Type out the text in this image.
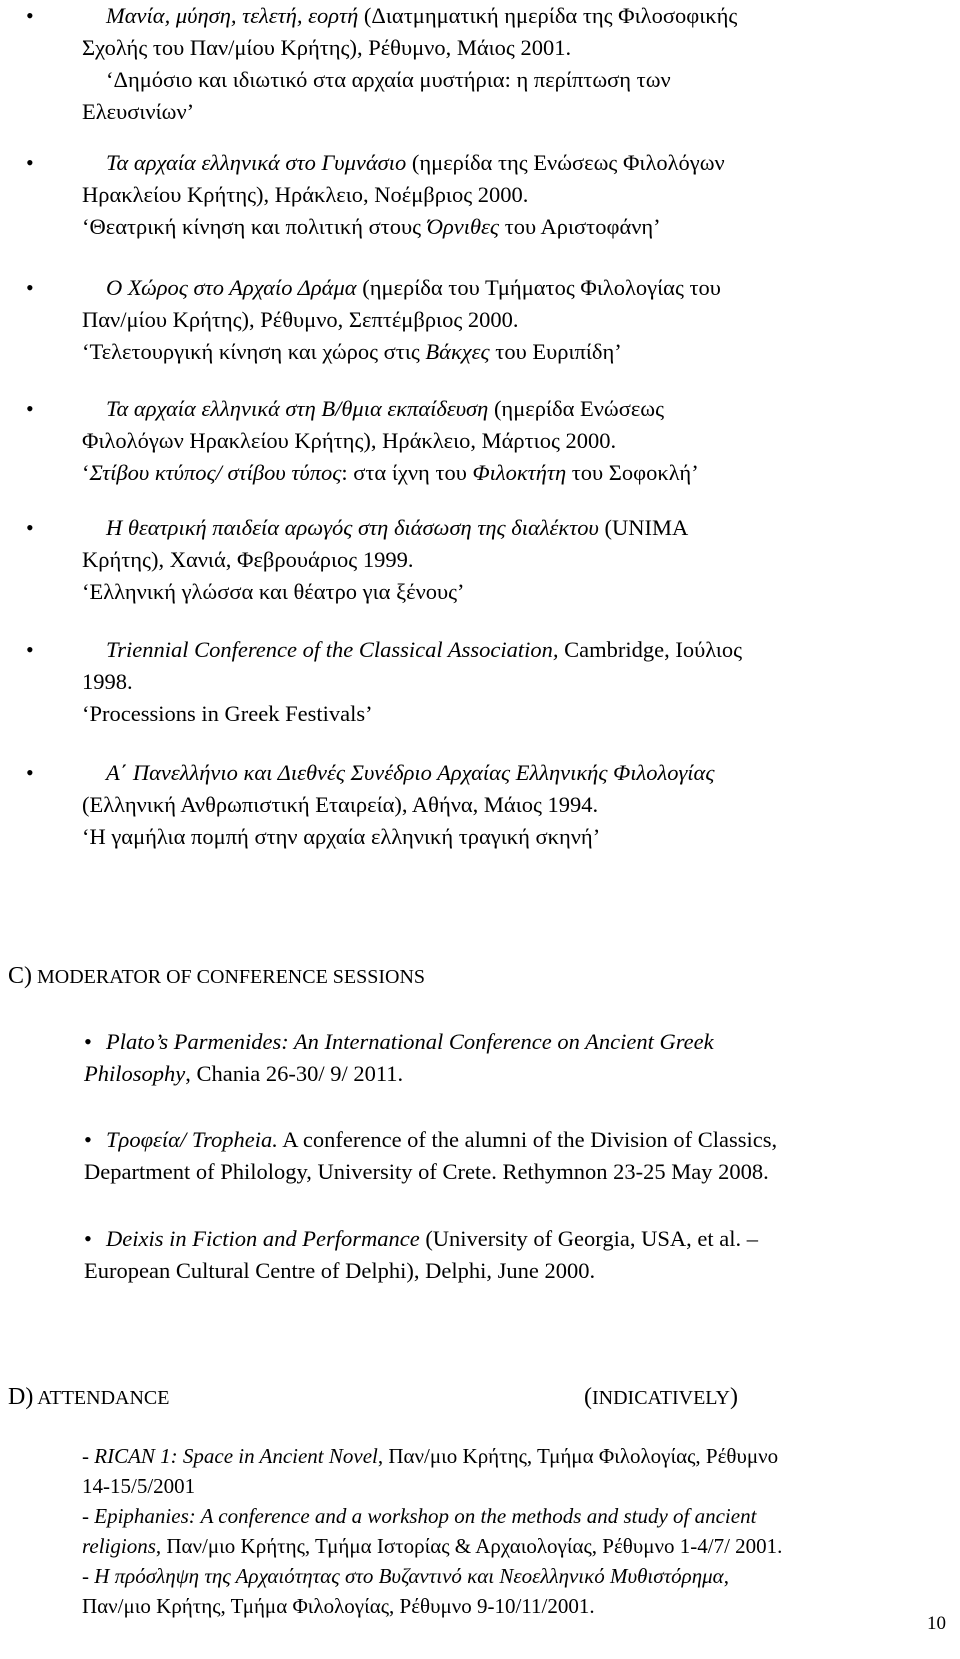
•	Μανία, μύηση, τελετή, εορτή (Διατμηματική ημερίδα της Φιλοσοφικής

Σχολής του Παν/μίου Κρήτης), Ρέθυμνο, Μάιος 2001.

‘Δημόσιο και ιδιωτικό στα αρχαία μυστήρια: η περίπτωση των

Ελευσινίων’

•	Τα αρχαία ελληνικά στο Γυμνάσιο (ημερίδα της Ενώσεως Φιλολόγων

Ηρακλείου Κρήτης), Ηράκλειο, Νοέμβριος 2000.

‘Θεατρική κίνηση και πολιτική στους Όρνιθες του Αριστοφάνη’

•	Ο Χώρος στο Αρχαίο Δράμα (ημερίδα του Τμήματος Φιλολογίας του

Παν/μίου Κρήτης), Ρέθυμνο, Σεπτέμβριος 2000.

‘Τελετουργική κίνηση και χώρος στις Βάκχες του Ευριπίδη’

•	Τα αρχαία ελληνικά στη Β/θμια εκπαίδευση (ημερίδα Ενώσεως

Φιλολόγων Ηρακλείου Κρήτης), Ηράκλειο, Μάρτιος 2000.

‘Στίβου κτύπος/ στίβου τύπος: στα ίχνη του Φιλοκτήτη του Σοφοκλή’

•	Η θεατρική παιδεία αρωγός στη διάσωση της διαλέκτου (UNIMA

Κρήτης), Χανιά, Φεβρουάριος 1999.

‘Ελληνική γλώσσα και θέατρο για ξένους’

•	Triennial Conference of the Classical Association, Cambridge, Ιούλιος

1998.

‘Processions in Greek Festivals’

•	Α΄ Πανελλήνιο και Διεθνές Συνέδριο Αρχαίας Ελληνικής Φιλολογίας

(Ελληνική Ανθρωπιστική Εταιρεία), Αθήνα, Μάιος 1994.

‘Η γαμήλια πομπή στην αρχαία ελληνική τραγική σκηνή’

C) MODERATOR OF CONFERENCE SESSIONS
• Plato’s Parmenides: An International Conference on Ancient Greek

Philosophy, Chania 26-30/ 9/ 2011.

• Τροφεία/ Tropheia. A conference of the alumni of the Division of Classics,

Department of Philology, University of Crete. Rethymnon 23-25 May 2008.

• Deixis in Fiction and Performance (University of Georgia, USA, et al. –

European Cultural Centre of Delphi), Delphi, June 2000.

D) ATTENDANCE	(INDICATIVELY)

- RICAN 1: Space in Ancient Novel, Παν/μιο Κρήτης, Τμήμα Φιλολογίας, Ρέθυμνο

14-15/5/2001

- Epiphanies: A conference and a workshop on the methods and study of ancient

religions, Παν/μιο Κρήτης, Τμήμα Ιστορίας & Αρχαιολογίας, Ρέθυμνο 1-4/7/ 2001.

- Η πρόσληψη της Αρχαιότητας στο Βυζαντινό και Νεοελληνικό Μυθιστόρημα,

Παν/μιο Κρήτης, Τμήμα Φιλολογίας, Ρέθυμνο 9-10/11/2001.

10
